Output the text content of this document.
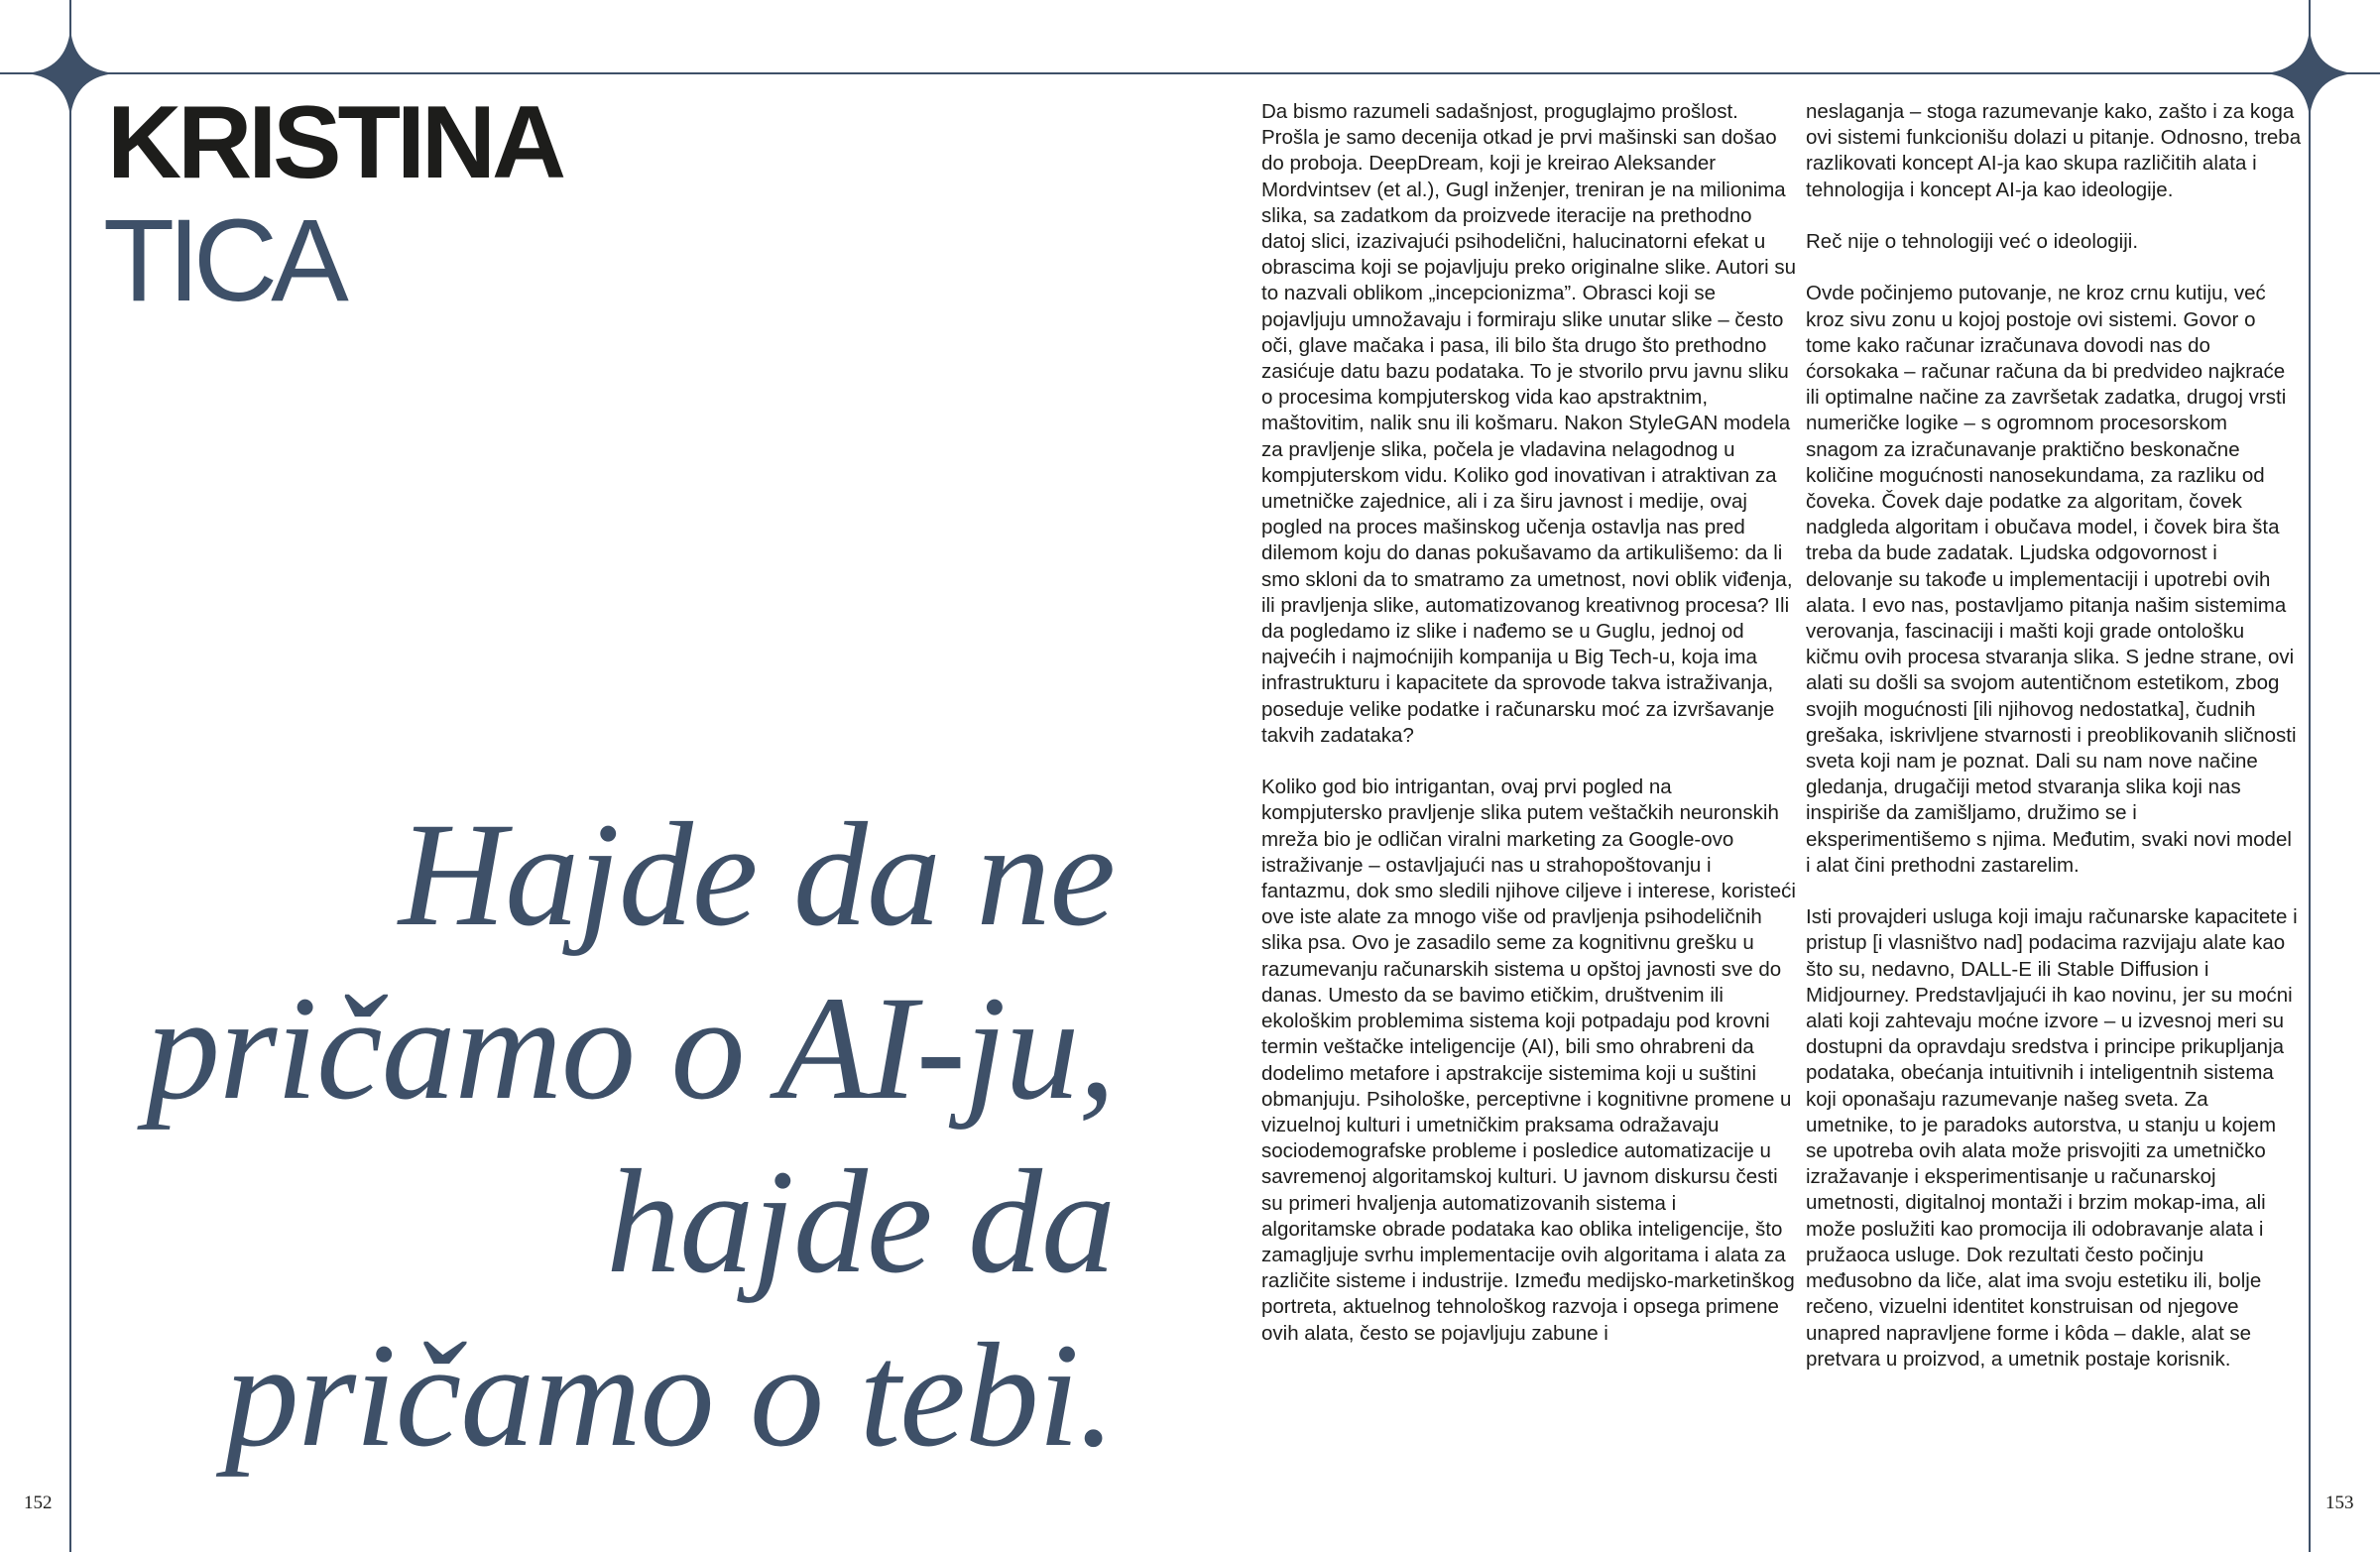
KRISTINA
TICA

Hajde da ne pričamo o AI-ju, hajde da pričamo o tebi.

Da bismo razumeli sadašnjost, proguglajmo prošlost. Prošla je samo decenija otkad je prvi mašinski san došao do proboja. DeepDream, koji je kreirao Aleksander Mordvintsev (et al.), Gugl inženjer, treniran je na milionima slika, sa zadatkom da proizvede iteracije na prethodno datoj slici, izazivajući psihodelični, halucinatorni efekat u obrascima koji se pojavljuju preko originalne slike. Autori su to nazvali oblikom „incepcionizma”. Obrasci koji se pojavljuju umnožavaju i formiraju slike unutar slike – često oči, glave mačaka i pasa, ili bilo šta drugo što prethodno zasićuje datu bazu podataka. To je stvorilo prvu javnu sliku o procesima kompjuterskog vida kao apstraktnim, maštovitim, nalik snu ili košmaru. Nakon StyleGAN modela za pravljenje slika, počela je vladavina nelagodnog u kompjuterskom vidu. Koliko god inovativan i atraktivan za umetničke zajednice, ali i za širu javnost i medije, ovaj pogled na proces mašinskog učenja ostavlja nas pred dilemom koju do danas pokušavamo da artikulišemo: da li smo skloni da to smatramo za umetnost, novi oblik viđenja, ili pravljenja slike, automatizovanog kreativnog procesa? Ili da pogledamo iz slike i nađemo se u Guglu, jednoj od najvećih i najmoćnijih kompanija u Big Tech-u, koja ima infrastrukturu i kapacitete da sprovode takva istraživanja, poseduje velike podatke i računarsku moć za izvršavanje takvih zadataka?

Koliko god bio intrigantan, ovaj prvi pogled na kompjutersko pravljenje slika putem veštačkih neuronskih mreža bio je odličan viralni marketing za Google-ovo istraživanje – ostavljajući nas u strahopoštovanju i fantazmu, dok smo sledili njihove ciljeve i interese, koristeći ove iste alate za mnogo više od pravljenja psihodeličnih slika psa. Ovo je zasadilo seme za kognitivnu grešku u razumevanju računarskih sistema u opštoj javnosti sve do danas. Umesto da se bavimo etičkim, društvenim ili ekološkim problemima sistema koji potpadaju pod krovni termin veštačke inteligencije (AI), bili smo ohrabreni da dodelimo metafore i apstrakcije sistemima koji u suštini obmanjuju. Psihološke, perceptivne i kognitivne promene u vizuelnoj kulturi i umetničkim praksama odražavaju sociodemografske probleme i posledice automatizacije u savremenoj algoritamskoj kulturi. U javnom diskursu česti su primeri hvaljenja automatizovanih sistema i algoritamske obrade podataka kao oblika inteligencije, što zamagljuje svrhu implementacije ovih algoritama i alata za različite sisteme i industrije. Između medijsko-marketinškog portreta, aktuelnog tehnološkog razvoja i opsega primene ovih alata, često se pojavljuju zabune i

neslaganja – stoga razumevanje kako, zašto i za koga ovi sistemi funkcionišu dolazi u pitanje. Odnosno, treba razlikovati koncept AI-ja kao skupa različitih alata i tehnologija i koncept AI-ja kao ideologije.

Reč nije o tehnologiji već o ideologiji.

Ovde počinjemo putovanje, ne kroz crnu kutiju, već kroz sivu zonu u kojoj postoje ovi sistemi. Govor o tome kako računar izračunava dovodi nas do ćorsokaka – računar računa da bi predvideo najkraće ili optimalne načine za završetak zadatka, drugoj vrsti numeričke logike – s ogromnom procesorskom snagom za izračunavanje praktično beskonačne količine mogućnosti nanosekundama, za razliku od čoveka. Čovek daje podatke za algoritam, čovek nadgleda algoritam i obučava model, i čovek bira šta treba da bude zadatak. Ljudska odgovornost i delovanje su takođe u implementaciji i upotrebi ovih alata. I evo nas, postavljamo pitanja našim sistemima verovanja, fascinaciji i mašti koji grade ontološku kičmu ovih procesa stvaranja slika. S jedne strane, ovi alati su došli sa svojom autentičnom estetikom, zbog svojih mogućnosti [ili njihovog nedostatka], čudnih grešaka, iskrivljene stvarnosti i preoblikovanih sličnosti sveta koji nam je poznat. Dali su nam nove načine gledanja, drugačiji metod stvaranja slika koji nas inspiriše da zamišljamo, družimo se i eksperimentišemo s njima. Međutim, svaki novi model i alat čini prethodni zastarelim.

Isti provajderi usluga koji imaju računarske kapacitete i pristup [i vlasništvo nad] podacima razvijaju alate kao što su, nedavno, DALL-E ili Stable Diffusion i Midjourney. Predstavljajući ih kao novinu, jer su moćni alati koji zahtevaju moćne izvore – u izvesnoj meri su dostupni da opravdaju sredstva i principe prikupljanja podataka, obećanja intuitivnih i inteligentnih sistema koji oponašaju razumevanje našeg sveta. Za umetnike, to je paradoks autorstva, u stanju u kojem se upotreba ovih alata može prisvojiti za umetničko izražavanje i eksperimentisanje u računarskoj umetnosti, digitalnoj montaži i brzim mokap-ima, ali može poslužiti kao promocija ili odobravanje alata i pružaoca usluge. Dok rezultati često počinju međusobno da liče, alat ima svoju estetiku ili, bolje rečeno, vizuelni identitet konstruisan od njegove unapred napravljene forme i kôda – dakle, alat se pretvara u proizvod, a umetnik postaje korisnik.

152	153
